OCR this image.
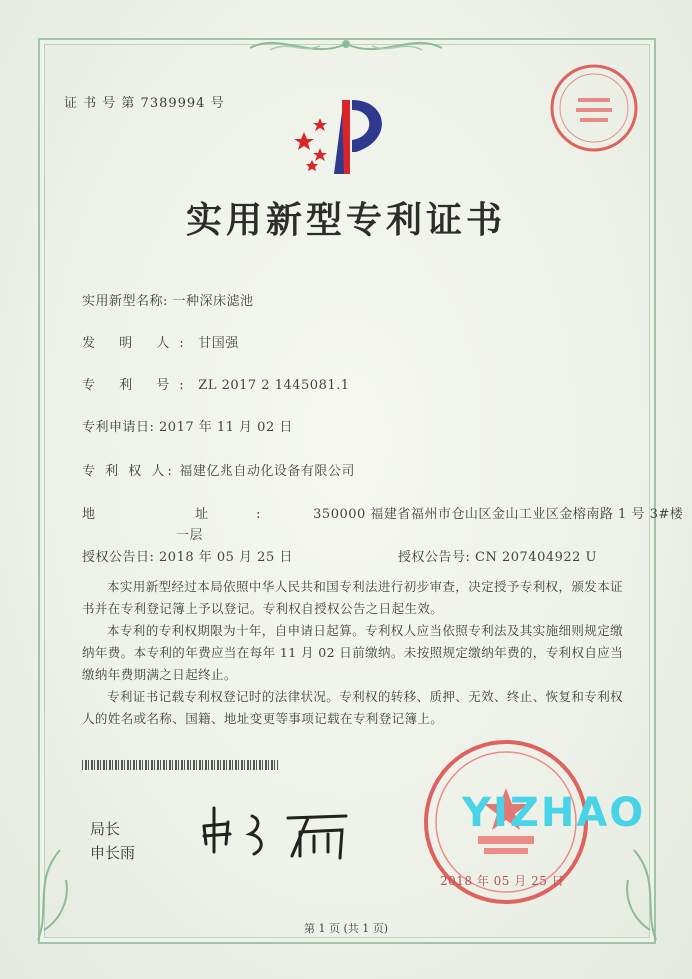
证 书 号 第 7389994 号
实用新型专利证书
实用新型名称: 一种深床滤池
发 明 人: 甘国强
专 利 号: ZL 2017 2 1445081.1
专利申请日: 2017 年 11 月 02 日
专 利 权 人: 福建亿兆自动化设备有限公司
地 址: 350000 福建省福州市仓山区金山工业区金榕南路 1 号 3#楼
一层
授权公告日: 2018 年 05 月 25 日	授权公告号: CN 207404922 U

本实用新型经过本局依照中华人民共和国专利法进行初步审查，决定授予专利权，颁发本证书并在专利登记簿上予以登记。专利权自授权公告之日起生效。

本专利的专利权期限为十年，自申请日起算。专利权人应当依照专利法及其实施细则规定缴纳年费。本专利的年费应当在每年 11 月 02 日前缴纳。未按照规定缴纳年费的，专利权自应当缴纳年费期满之日起终止。

专利证书记载专利权登记时的法律状况。专利权的转移、质押、无效、终止、恢复和专利权人的姓名或名称、国籍、地址变更等事项记载在专利登记簿上。

局长
申长雨
2018 年 05 月 25 日
YIZHAO
第 1 页 (共 1 页)
